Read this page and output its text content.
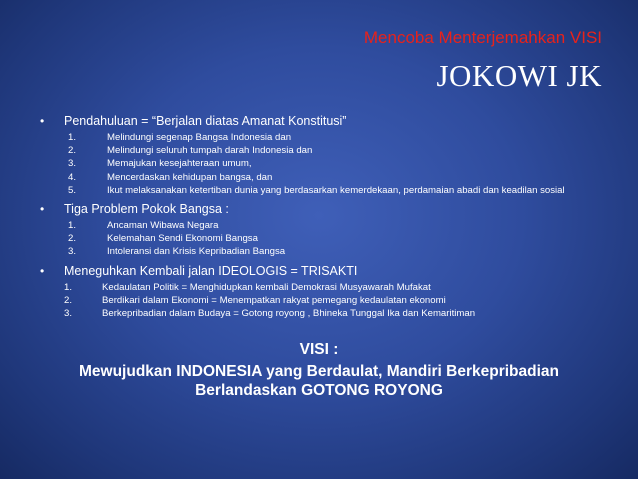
Mencoba Menterjemahkan VISI
JOKOWI JK
•	Pendahuluan = “Berjalan diatas Amanat Konstitusi”
1.	Melindungi segenap Bangsa Indonesia dan
2.	Melindungi seluruh tumpah darah Indonesia dan
3.	Memajukan kesejahteraan umum,
4.	Mencerdaskan kehidupan bangsa, dan
5.	Ikut melaksanakan ketertiban dunia yang berdasarkan kemerdekaan, perdamaian abadi dan keadilan sosial
•	Tiga Problem Pokok Bangsa :
1.	Ancaman Wibawa Negara
2.	Kelemahan Sendi Ekonomi Bangsa
3.	Intoleransi dan Krisis Kepribadian Bangsa
•	Meneguhkan Kembali jalan IDEOLOGIS = TRISAKTI
1.	Kedaulatan Politik = Menghidupkan kembali Demokrasi Musyawarah Mufakat
2.	Berdikari dalam Ekonomi = Menempatkan rakyat pemegang kedaulatan ekonomi
3.	Berkepribadian dalam Budaya = Gotong royong , Bhineka Tunggal Ika dan Kemaritiman
VISI :
Mewujudkan INDONESIA yang Berdaulat, Mandiri Berkepribadian
Berlandaskan GOTONG ROYONG
